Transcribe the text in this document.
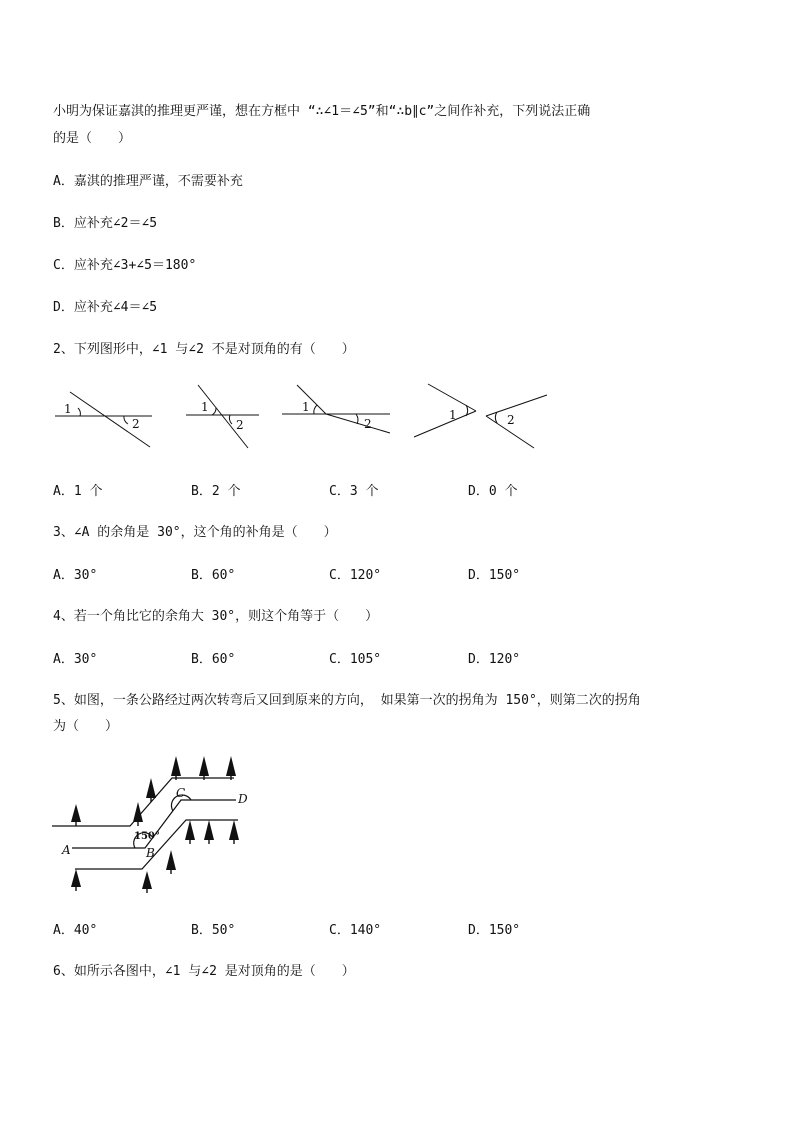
小明为保证嘉淇的推理更严谨，想在方框中 “∴∠1＝∠5”和“∴b∥c”之间作补充，下列说法正确
的是（　　）
A．嘉淇的推理严谨，不需要补充
B．应补充∠2＝∠5
C．应补充∠3+∠5＝180°
D．应补充∠4＝∠5
2、下列图形中，∠1 与∠2 不是对顶角的有（　　）
1
2
1
2
1
2
1	2
A．1 个	B．2 个	C．3 个	D．0 个
3、∠A 的余角是 30°，这个角的补角是（　　）
A．30°	B．60°	C．120°	D．150°
4、若一个角比它的余角大 30°，则这个角等于（　　）
A．30°	B．60°	C．105°	D．120°
5、如图，一条公路经过两次转弯后又回到原来的方向， 如果第一次的拐角为 150°，则第二次的拐角
为（　　）
A	B
C	D
150°
A．40°	B．50°	C．140°	D．150°
6、如所示各图中，∠1 与∠2 是对顶角的是（　　）
